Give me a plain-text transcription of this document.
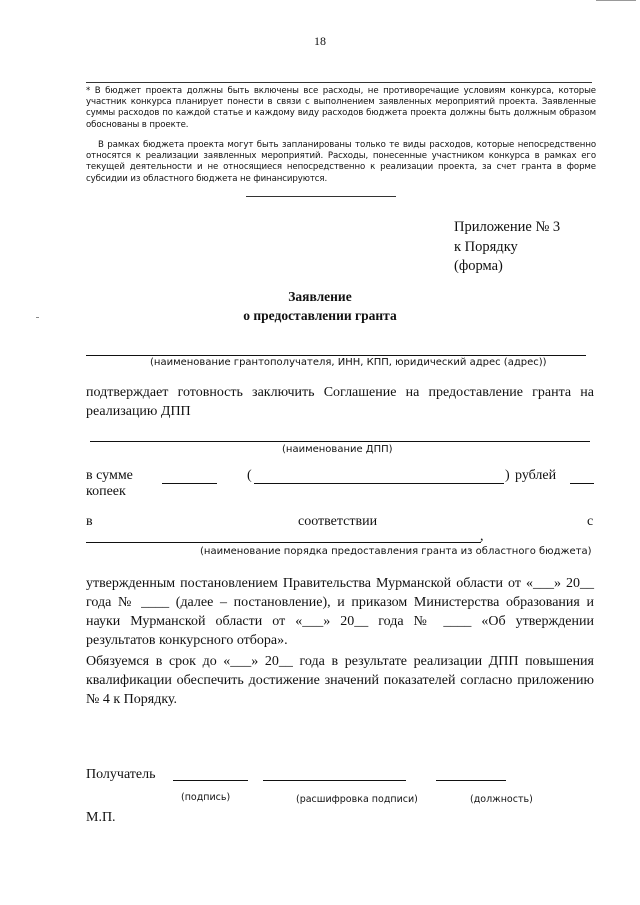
18
* В бюджет проекта должны быть включены все расходы, не противоречащие условиям конкурса, которые участник конкурса планирует понести в связи с выполнением заявленных мероприятий проекта. Заявленные суммы расходов по каждой статье и каждому виду расходов бюджета проекта должны быть должным образом обоснованы в проекте.
В рамках бюджета проекта могут быть запланированы только те виды расходов, которые непосредственно относятся к реализации заявленных мероприятий. Расходы, понесенные участником конкурса в рамках его текущей деятельности и не относящиеся непосредственно к реализации проекта, за счет гранта в форме субсидии из областного бюджета не финансируются.
Приложение № 3
к Порядку
(форма)
Заявление
о предоставлении гранта
(наименование грантополучателя, ИНН, КПП, юридический адрес (адрес))
подтверждает готовность заключить Соглашение на предоставление гранта на реализацию ДПП
(наименование ДПП)
в сумме	(	) рублей
копеек
в	соответствии	с
,
(наименование порядка предоставления гранта из областного бюджета)
утвержденным постановлением Правительства Мурманской области от «___» 20__ года № ____ (далее – постановление), и приказом Министерства образования и науки Мурманской области от «___» 20__ года № ____ «Об утверждении результатов конкурсного отбора».
Обязуемся в срок до «___» 20__ года в результате реализации ДПП повышения квалификации обеспечить достижение значений показателей согласно приложению № 4 к Порядку.
Получатель
(подпись)	(расшифровка подписи)	(должность)
М.П.
